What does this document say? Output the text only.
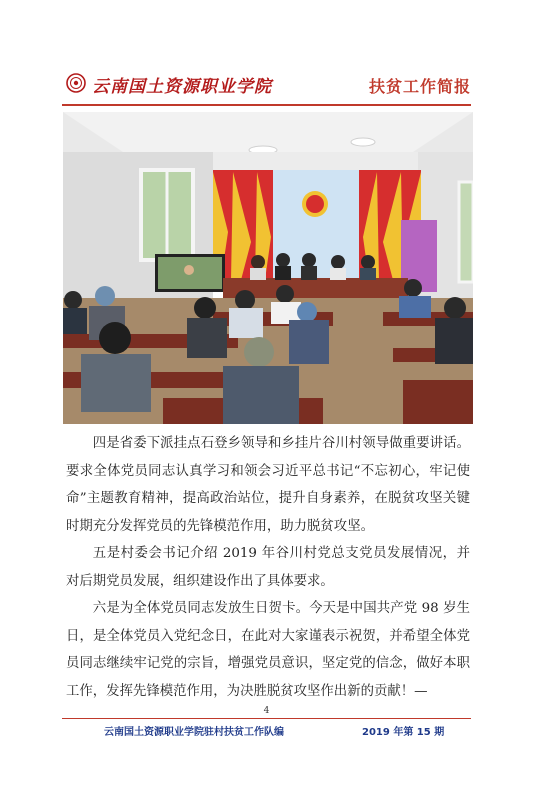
云南国土资源职业学院	扶贫工作简报

四是省委下派挂点石登乡领导和乡挂片谷川村领导做重要讲话。要求全体党员同志认真学习和领会习近平总书记“不忘初心，牢记使命”主题教育精神，提高政治站位，提升自身素养，在脱贫攻坚关键时期充分发挥党员的先锋模范作用，助力脱贫攻坚。

五是村委会书记介绍 2019 年谷川村党总支党员发展情况，并对后期党员发展，组织建设作出了具体要求。

六是为全体党员同志发放生日贺卡。今天是中国共产党 98 岁生日，是全体党员入党纪念日，在此对大家谨表示祝贺，并希望全体党员同志继续牢记党的宗旨，增强党员意识，坚定党的信念，做好本职工作，发挥先锋模范作用，为决胜脱贫攻坚作出新的贡献！—

4
云南国土资源职业学院驻村扶贫工作队编	2019 年第 15 期
